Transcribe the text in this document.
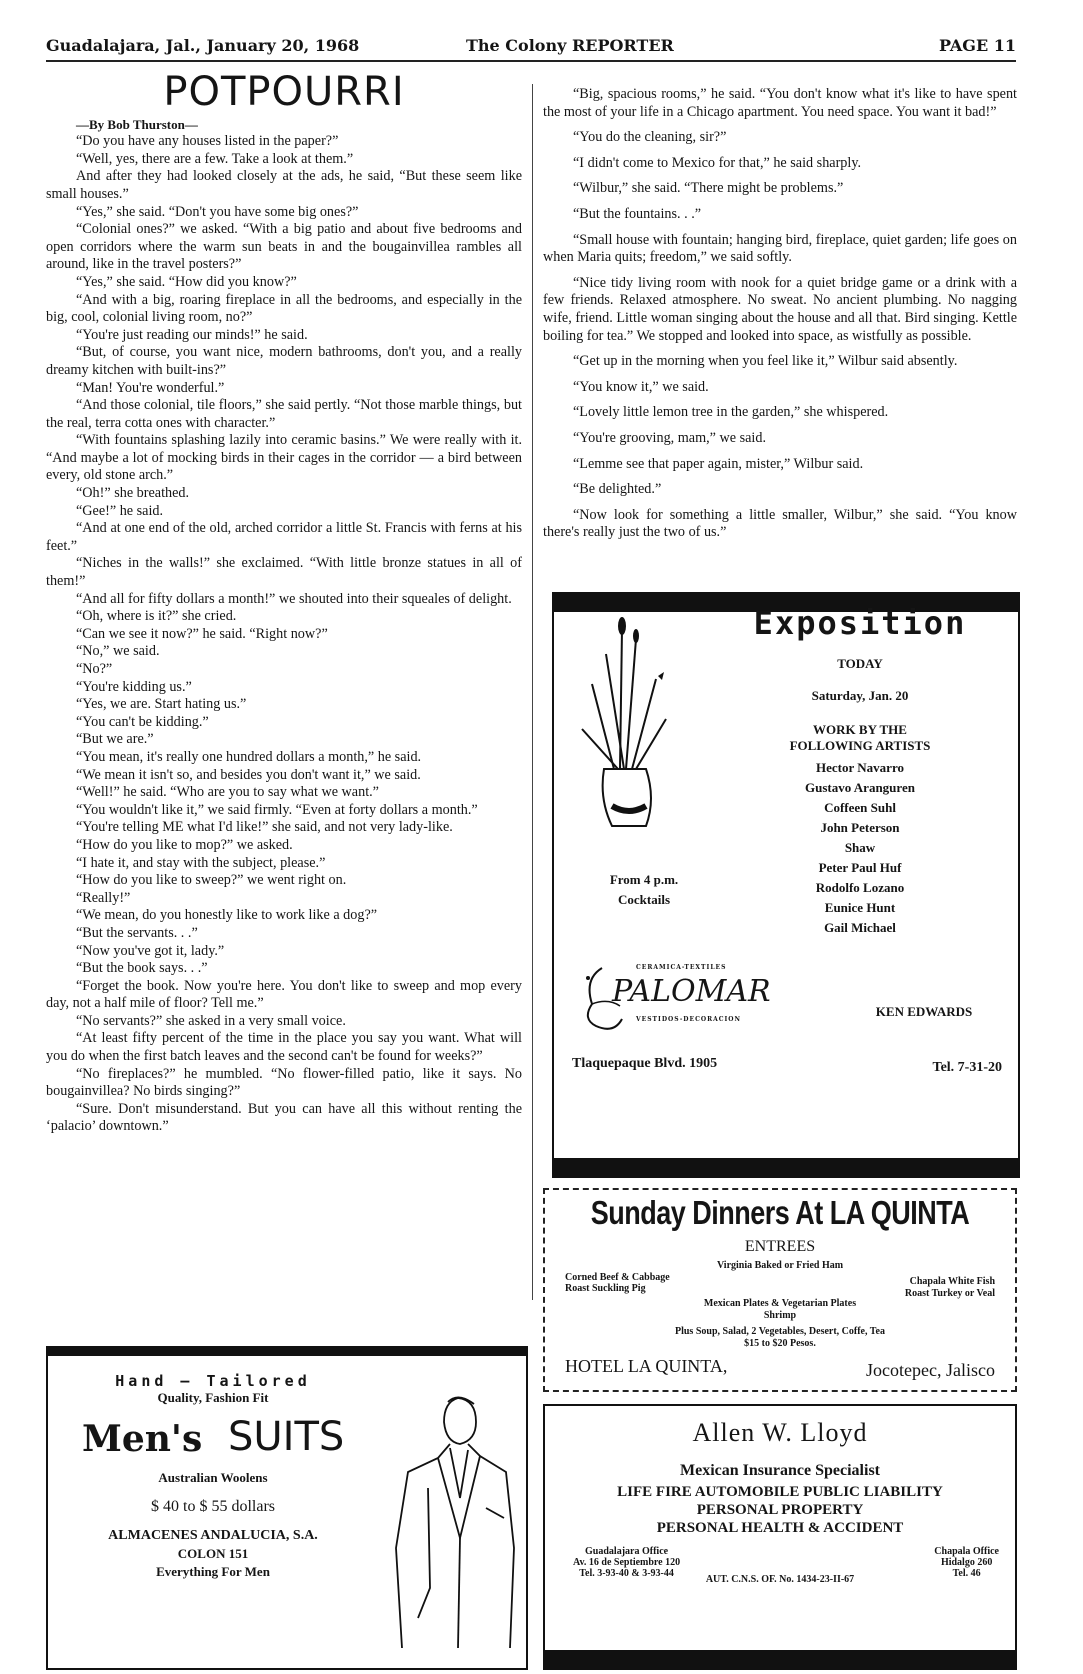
Guadalajara, Jal., January 20, 1968	The Colony REPORTER	PAGE 11
POTPOURRI

—By Bob Thurston—

“Do you have any houses listed in the paper?”

“Well, yes, there are a few. Take a look at them.”

And after they had looked closely at the ads, he said, “But these seem like small houses.”

“Yes,” she said. “Don't you have some big ones?”

“Colonial ones?” we asked. “With a big patio and about five bedrooms and open corridors where the warm sun beats in and the bougainvillea rambles all around, like in the travel posters?”

“Yes,” she said. “How did you know?”

“And with a big, roaring fireplace in all the bedrooms, and especially in the big, cool, colonial living room, no?”

“You're just reading our minds!” he said.

“But, of course, you want nice, modern bathrooms, don't you, and a really dreamy kitchen with built-ins?”

“Man! You're wonderful.”

“And those colonial, tile floors,” she said pertly. “Not those marble things, but the real, terra cotta ones with character.”

“With fountains splashing lazily into ceramic basins.” We were really with it. “And maybe a lot of mocking birds in their cages in the corridor — a bird between every, old stone arch.”

“Oh!” she breathed.

“Gee!” he said.

“And at one end of the old, arched corridor a little St. Francis with ferns at his feet.”

“Niches in the walls!” she exclaimed. “With little bronze statues in all of them!”

“And all for fifty dollars a month!” we shouted into their squeales of delight.

“Oh, where is it?” she cried.

“Can we see it now?” he said. “Right now?”

“No,” we said.

“No?”

“You're kidding us.”

“Yes, we are. Start hating us.”

“You can't be kidding.”

“But we are.”

“You mean, it's really one hundred dollars a month,” he said.

“We mean it isn't so, and besides you don't want it,” we said.

“Well!” he said. “Who are you to say what we want.”

“You wouldn't like it,” we said firmly. “Even at forty dollars a month.”

“You're telling ME what I'd like!” she said, and not very lady-like.

“How do you like to mop?” we asked.

“I hate it, and stay with the subject, please.”

“How do you like to sweep?” we went right on.

“Really!”

“We mean, do you honestly like to work like a dog?”

“But the servants. . .”

“Now you've got it, lady.”

“But the book says. . .”

“Forget the book. Now you're here. You don't like to sweep and mop every day, not a half mile of floor? Tell me.”

“No servants?” she asked in a very small voice.

“At least fifty percent of the time in the place you say you want. What will you do when the first batch leaves and the second can't be found for weeks?”

“No fireplaces?” he mumbled. “No flower-filled patio, like it says. No bougainvillea? No birds singing?”

“Sure. Don't misunderstand. But you can have all this without renting the ‘palacio’ downtown.”

“Big, spacious rooms,” he said. “You don't know what it's like to have spent the most of your life in a Chicago apartment. You need space. You want it bad!”

“You do the cleaning, sir?”

“I didn't come to Mexico for that,” he said sharply.

“Wilbur,” she said. “There might be problems.”

“But the fountains. . .”

“Small house with fountain; hanging bird, fireplace, quiet garden; life goes on when Maria quits; freedom,” we said softly.

“Nice tidy living room with nook for a quiet bridge game or a drink with a few friends. Relaxed atmosphere. No sweat. No ancient plumbing. No nagging wife, friend. Little woman singing about the house and all that. Bird singing. Kettle boiling for tea.” We stopped and looked into space, as wistfully as possible.

“Get up in the morning when you feel like it,” Wilbur said absently.

“You know it,” we said.

“Lovely little lemon tree in the garden,” she whispered.

“You're grooving, mam,” we said.

“Lemme see that paper again, mister,” Wilbur said.

“Be delighted.”

“Now look for something a little smaller, Wilbur,” she said. “You know there's really just the two of us.”

Exposition
TODAY
Saturday, Jan. 20
WORK BY THE
FOLLOWING ARTISTS
Hector Navarro
Gustavo Aranguren
Coffeen Suhl
John Peterson
Shaw
Peter Paul Huf
Rodolfo Lozano
Eunice Hunt
Gail Michael
From 4 p.m.
Cocktails
CERAMICA-TEXTILES
PALOMAR
VESTIDOS-DECORACION
KEN EDWARDS
Tlaquepaque Blvd. 1905	Tel. 7-31-20
Sunday Dinners At LA QUINTA
ENTREES
Virginia Baked or Fried Ham
Corned Beef & Cabbage	Chapala White Fish
Roast Suckling Pig	Roast Turkey or Veal
Mexican Plates & Vegetarian Plates
Shrimp
Plus Soup, Salad, 2 Vegetables, Desert, Coffe, Tea
$15 to $20 Pesos.
HOTEL LA QUINTA,	Jocotepec, Jalisco
Allen W. Lloyd
Mexican Insurance Specialist
LIFE FIRE AUTOMOBILE PUBLIC LIABILITY
PERSONAL PROPERTY
PERSONAL HEALTH & ACCIDENT
Guadalajara Office
Av. 16 de Septiembre 120
Tel. 3-93-40 & 3-93-44
Chapala Office
Hidalgo 260
Tel. 46
AUT. C.N.S. OF. No. 1434-23-II-67
Hand — Tailored
Quality, Fashion Fit
Men's SUITS
Australian Woolens
$ 40 to $ 55 dollars
ALMACENES ANDALUCIA, S.A.
COLON 151
Everything For Men
